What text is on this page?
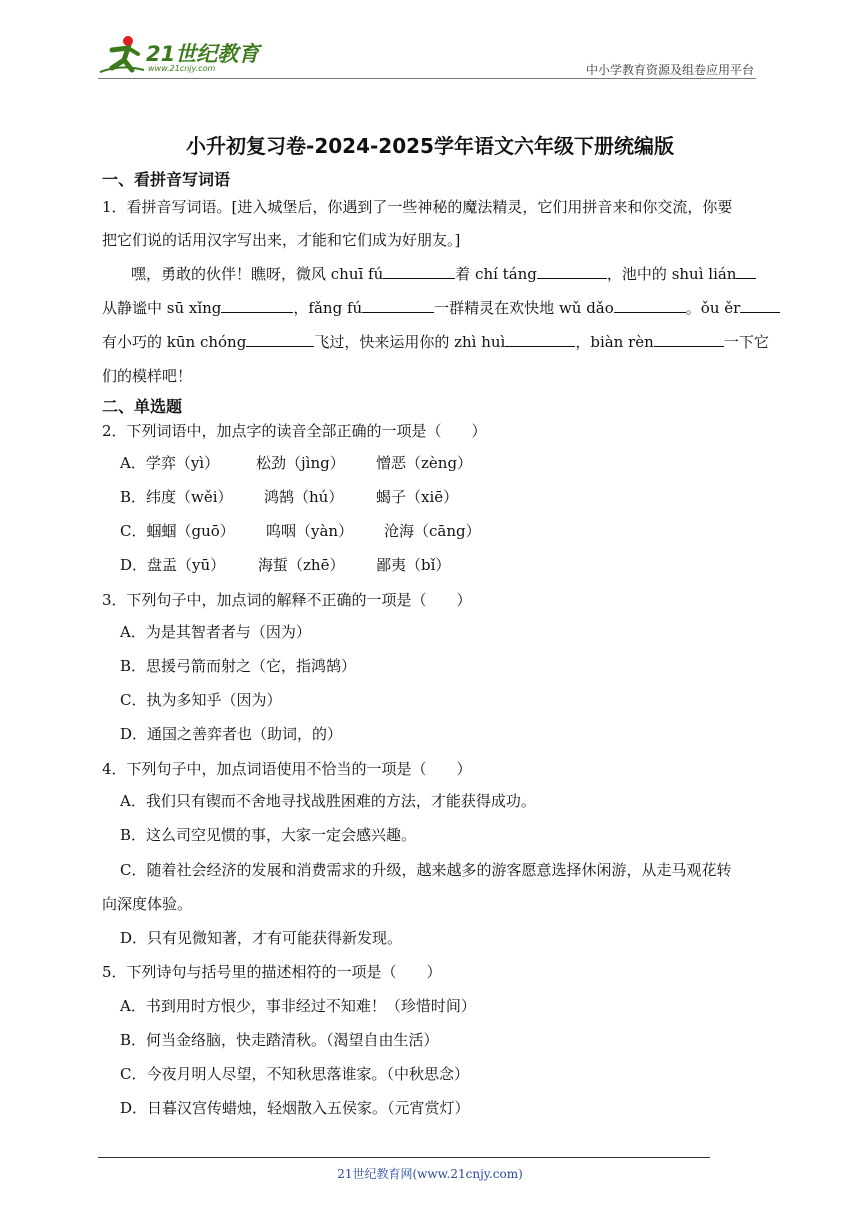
21世纪教育
www.21cnjy.com	中小学教育资源及组卷应用平台
小升初复习卷-2024-2025学年语文六年级下册统编版
一、看拼音写词语
1．看拼音写词语。[进入城堡后，你遇到了一些神秘的魔法精灵，它们用拼音来和你交流，你要
把它们说的话用汉字写出来，才能和它们成为好朋友。]
嘿，勇敢的伙伴！瞧呀，微风 chuī fú	着 chí táng	，池中的 shuì lián
从静谧中 sū xǐng	，fǎng fú	一群精灵在欢快地 wǔ dǎo	。ǒu ěr
有小巧的 kūn chóng	飞过，快来运用你的 zhì huì	，biàn rèn	一下它
们的模样吧！
二、单选题
2．下列词语中，加点字的读音全部正确的一项是（　　）
A．学弈（yì） 松劲（jìng） 憎恶（zèng）
B．纬度（wěi） 鸿鹄（hú） 蝎子（xiē）
C．蝈蝈（guō） 呜咽（yàn） 沧海（cāng）
D．盘盂（yū） 海蜇（zhē） 鄙夷（bǐ）
3．下列句子中，加点词的解释不正确的一项是（　　）
A．为是其智者者与（因为）
B．思援弓箭而射之（它，指鸿鹄）
C．执为多知乎（因为）
D．通国之善弈者也（助词，的）
4．下列句子中，加点词语使用不恰当的一项是（　　）
A．我们只有锲而不舍地寻找战胜困难的方法，才能获得成功。
B．这么司空见惯的事，大家一定会感兴趣。
C．随着社会经济的发展和消费需求的升级，越来越多的游客愿意选择休闲游，从走马观花转
向深度体验。
D．只有见微知著，才有可能获得新发现。
5．下列诗句与括号里的描述相符的一项是（　　）
A．书到用时方恨少，事非经过不知难！（珍惜时间）
B．何当金络脑，快走踏清秋。（渴望自由生活）
C．今夜月明人尽望，不知秋思落谁家。（中秋思念）
D．日暮汉宫传蜡烛，轻烟散入五侯家。（元宵赏灯）
21世纪教育网(www.21cnjy.com)
